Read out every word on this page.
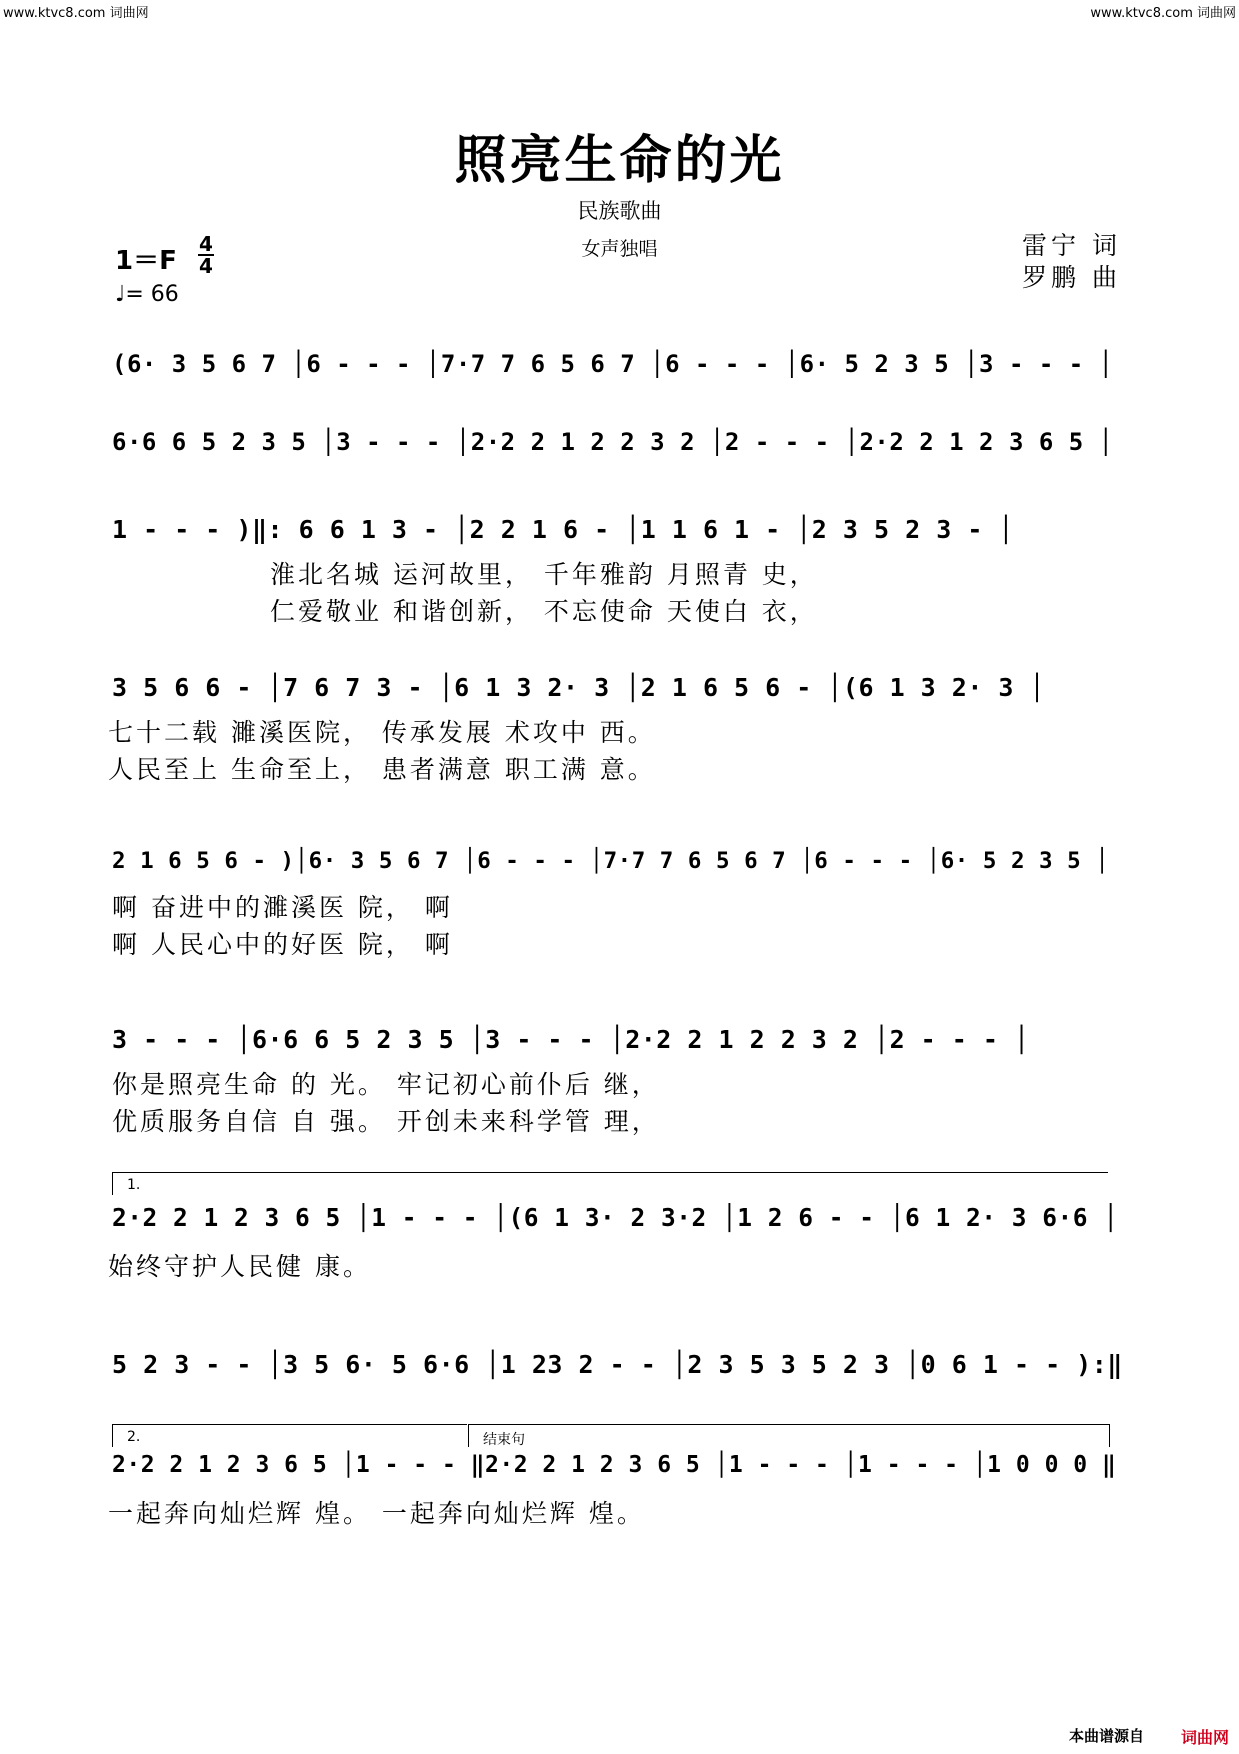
www.ktvc8.com 词曲网	www.ktvc8.com 词曲网
照亮生命的光
民族歌曲
女声独唱	雷宁 词
罗鹏 曲
1＝F
4
4
♩= 66
(6· 3 5 6 7 │6 - - - │7·7 7 6 5 6 7 │6 - - - │6· 5 2 3 5 │3 - - - │
6·6 6 5 2 3 5 │3 - - - │2·2 2 1 2 2 3 2 │2 - - - │2·2 2 1 2 3 6 5 │
1 - - - )‖: 6 6 1 3 - │2 2 1 6 - │1 1 6 1 - │2 3 5 2 3 - │
淮北名城 运河故里， 千年雅韵 月照青 史，
仁爱敬业 和谐创新， 不忘使命 天使白 衣，
3 5 6 6 - │7 6 7 3 - │6 1 3 2· 3 │2 1 6 5 6 - │(6 1 3 2· 3 │
七十二载 濉溪医院， 传承发展 术攻中 西。
人民至上 生命至上， 患者满意 职工满 意。
2 1 6 5 6 - )│6· 3 5 6 7 │6 - - - │7·7 7 6 5 6 7 │6 - - - │6· 5 2 3 5 │
啊 奋进中的濉溪医 院， 啊
啊 人民心中的好医 院， 啊
3 - - - │6·6 6 5 2 3 5 │3 - - - │2·2 2 1 2 2 3 2 │2 - - - │
你是照亮生命 的 光。 牢记初心前仆后 继，
优质服务自信 自 强。 开创未来科学管 理，
1.
2·2 2 1 2 3 6 5 │1 - - - │(6 1 3· 2 3·2 │1 2 6 - - │6 1 2· 3 6·6 │
始终守护人民健 康。
5 2 3 - - │3 5 6· 5 6·6 │1 23 2 - - │2 3 5 3 5 2 3 │0 6 1 - - ):‖
2.	结束句
2·2 2 1 2 3 6 5 │1 - - - ‖2·2 2 1 2 3 6 5 │1 - - - │1 - - - │1 0 0 0 ‖
一起奔向灿烂辉 煌。 一起奔向灿烂辉 煌。
本曲谱源自 词曲网
